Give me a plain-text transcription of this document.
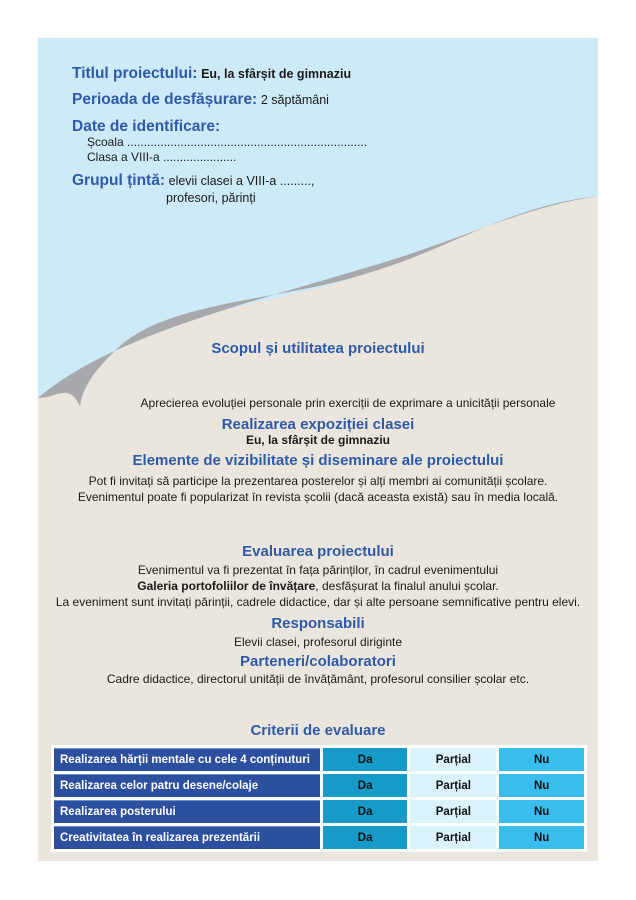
Titlul proiectului: Eu, la sfârșit de gimnaziu
Perioada de desfășurare: 2 săptămâni
Date de identificare:
Școala ........................................................................
Clasa a VIII-a ......................
Grupul țintă: elevii clasei a VIII-a .........,
profesori, părinți
Scopul și utilitatea proiectului
Aprecierea evoluției personale prin exerciții de exprimare a unicității personale
Realizarea expoziției clasei
Eu, la sfârșit de gimnaziu
Elemente de vizibilitate și diseminare ale proiectului
Pot fi invitați să participe la prezentarea posterelor și alți membri ai comunității școlare.
Evenimentul poate fi popularizat în revista școlii (dacă aceasta există) sau în media locală.
Evaluarea proiectului
Evenimentul va fi prezentat în fața părinților, în cadrul evenimentului
Galeria portofoliilor de învățare, desfășurat la finalul anului școlar.
La eveniment sunt invitați părinții, cadrele didactice, dar și alte persoane semnificative pentru elevi.
Responsabili
Elevii clasei, profesorul diriginte
Parteneri/colaboratori
Cadre didactice, directorul unității de învățământ, profesorul consilier școlar etc.
Criterii de evaluare
Realizarea hărții mentale cu cele 4 conținuturi	Da	Parțial	Nu
Realizarea celor patru desene/colaje	Da	Parțial	Nu
Realizarea posterului	Da	Parțial	Nu
Creativitatea în realizarea prezentării	Da	Parțial	Nu
